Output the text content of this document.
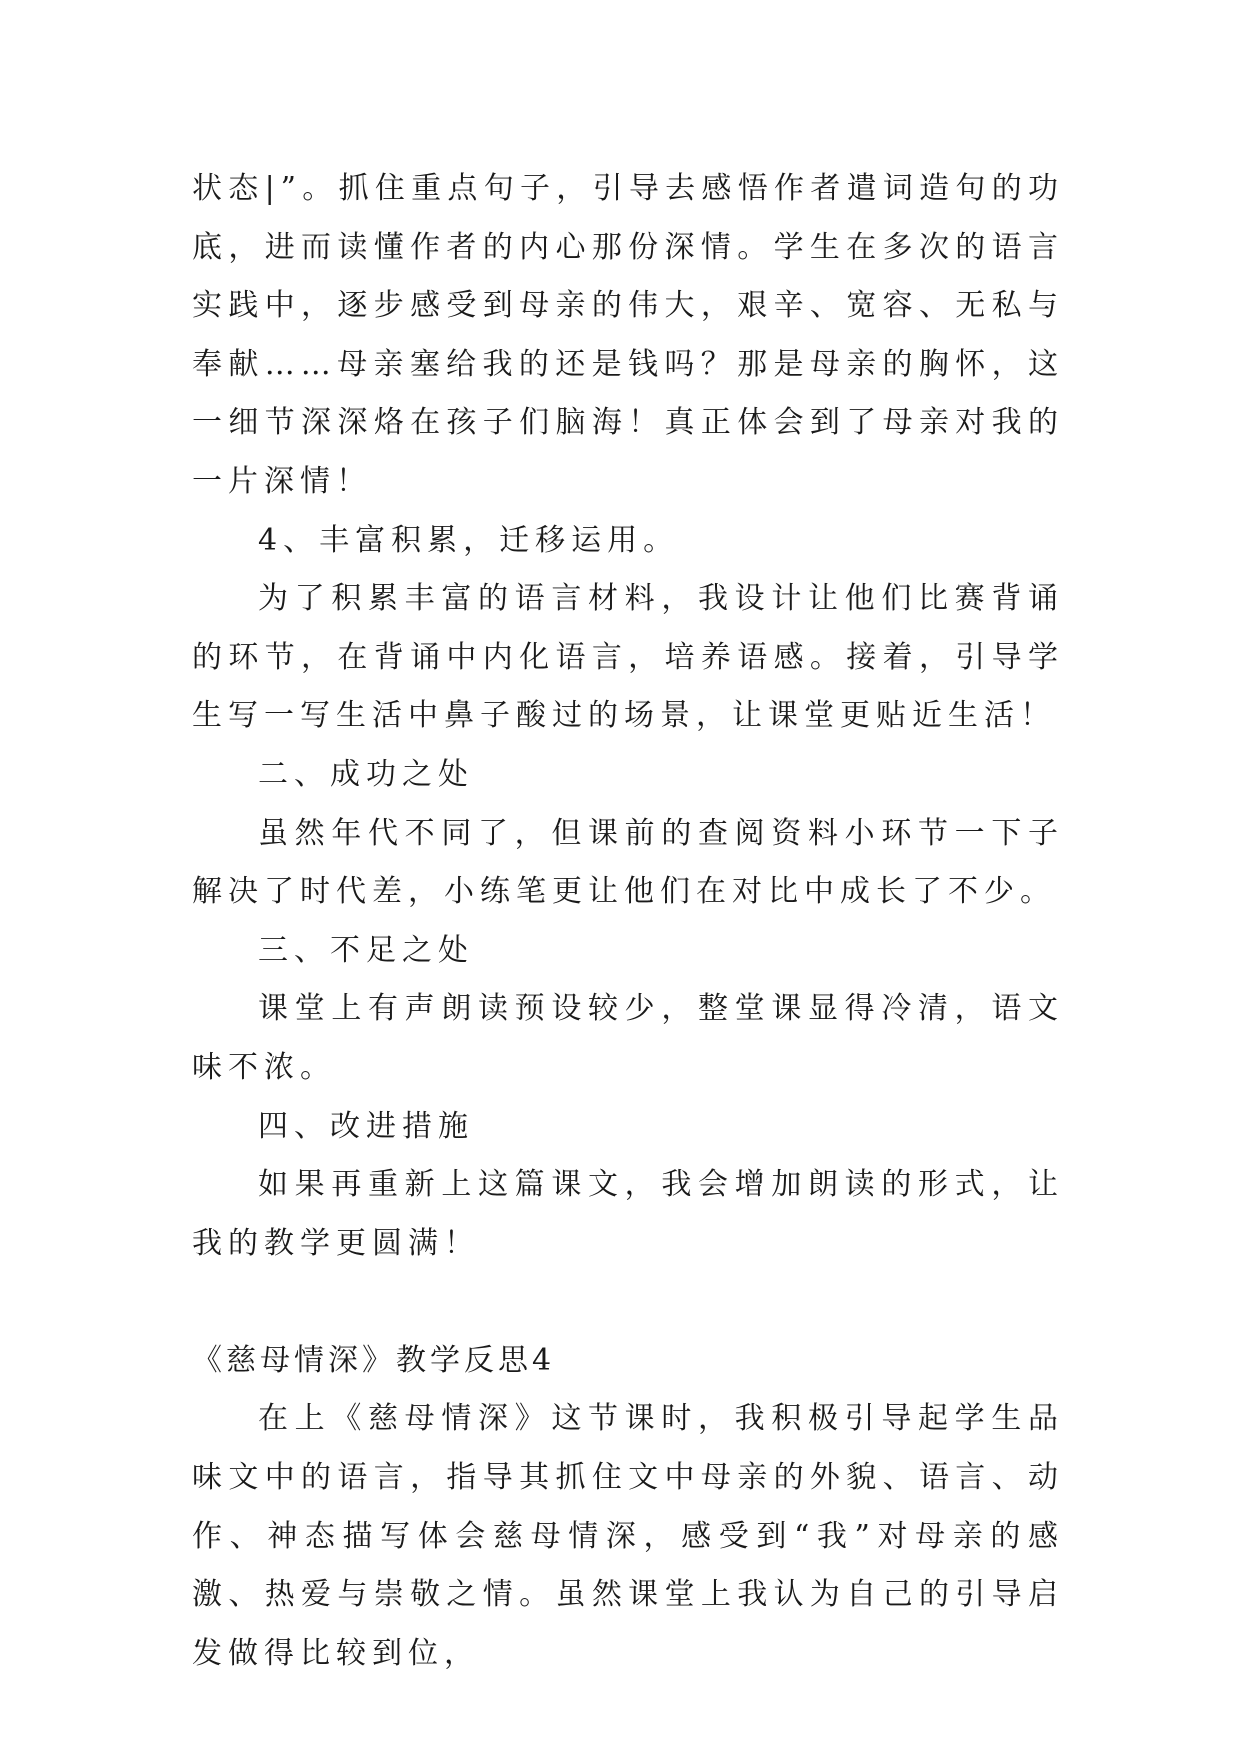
状态|”。抓住重点句子，引导去感悟作者遣词造句的功底，进而读懂作者的内心那份深情。学生在多次的语言实践中，逐步感受到母亲的伟大，艰辛、宽容、无私与奉献……母亲塞给我的还是钱吗？那是母亲的胸怀，这一细节深深烙在孩子们脑海！真正体会到了母亲对我的一片深情！

4、丰富积累，迁移运用。

为了积累丰富的语言材料，我设计让他们比赛背诵的环节，在背诵中内化语言，培养语感。接着，引导学生写一写生活中鼻子酸过的场景，让课堂更贴近生活！

二、成功之处

虽然年代不同了，但课前的查阅资料小环节一下子解决了时代差，小练笔更让他们在对比中成长了不少。

三、不足之处

课堂上有声朗读预设较少，整堂课显得冷清，语文味不浓。

四、改进措施

如果再重新上这篇课文，我会增加朗读的形式，让我的教学更圆满！

《慈母情深》教学反思4

在上《慈母情深》这节课时，我积极引导起学生品味文中的语言，指导其抓住文中母亲的外貌、语言、动作、神态描写体会慈母情深，感受到“我”对母亲的感激、热爱与崇敬之情。虽然课堂上我认为自己的引导启发做得比较到位，
